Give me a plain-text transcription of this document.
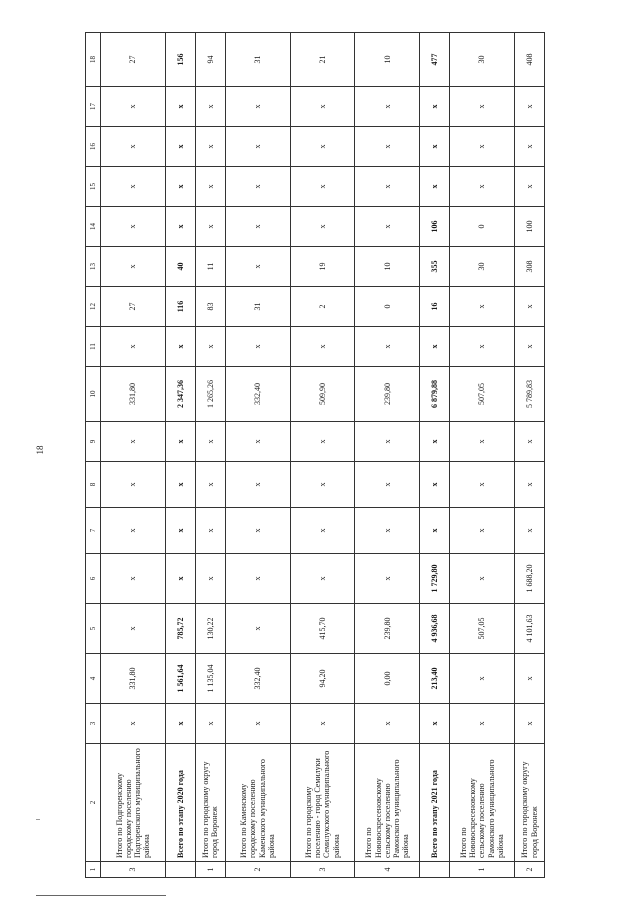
18
1	2	3	4	5	6	7	8	9	10	11	12	13	14	15	16	17	18
3	Итого по Подгоренскому городскому поселению Подгоренского муниципального района	х	331,80	х	х	х	х	х	331,80	х	27	х	х	х	х	х	27
	Всего по этапу 2020 года	х	1 561,64	785,72	х	х	х	х	2 347,36	х	116	40	х	х	х	х	156
1	Итого по городскому округу город Воронеж	х	1 135,04	130,22	х	х	х	х	1 265,26	х	83	11	х	х	х	х	94
2	Итого по Каменскому городскому поселению Каменского муниципального района	х	332,40	х	х	х	х	х	332,40	х	31	х	х	х	х	х	31
3	Итого по городскому поселению - город Семилуки Семилукского муниципального района	х	94,20	415,70	х	х	х	х	509,90	х	2	19	х	х	х	х	21
4	Итого по Нововоскресеновскому сельскому поселению Рамонского муниципального района	х	0,00	239,80	х	х	х	х	239,80	х	0	10	х	х	х	х	10
	Всего по этапу 2021 года	х	213,40	4 936,68	1 729,80	х	х	х	6 879,88	х	16	355	106	х	х	х	477
1	Итого по Нововоскресеновскому сельскому поселению Рамонского муниципального района	х	х	507,05	х	х	х	х	507,05	х	х	30	0	х	х	х	30
2	Итого по городскому округу город Воронеж	х	х	4 101,63	1 688,20	х	х	х	5 789,83	х	х	308	100	х	х	х	408
